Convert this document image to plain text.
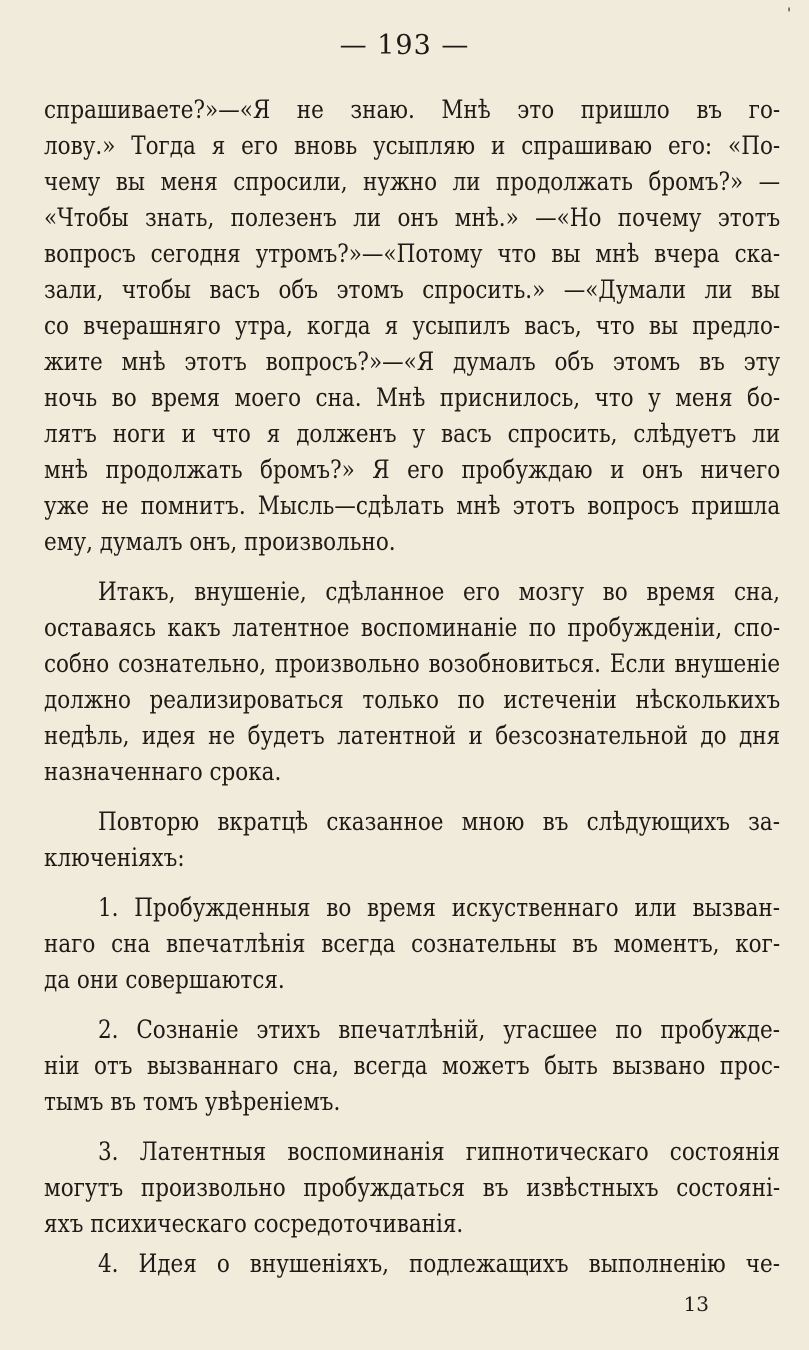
'
— 193 —
спрашиваете?»—«Я не знаю. Мнѣ это пришло въ го-
лову.» Тогда я его вновь усыпляю и спрашиваю его: «По-
чему вы меня спросили, нужно ли продолжать бромъ?» —
«Чтобы знать, полезенъ ли онъ мнѣ.» —«Но почему этотъ
вопросъ сегодня утромъ?»—«Потому что вы мнѣ вчера ска-
зали, чтобы васъ объ этомъ спросить.» —«Думали ли вы
со вчерашняго утра, когда я усыпилъ васъ, что вы предло-
жите мнѣ этотъ вопросъ?»—«Я думалъ объ этомъ въ эту
ночь во время моего сна. Мнѣ приснилось, что у меня бо-
лятъ ноги и что я долженъ у васъ спросить, слѣдуетъ ли
мнѣ продолжать бромъ?» Я его пробуждаю и онъ ничего
уже не помнитъ. Мысль—сдѣлать мнѣ этотъ вопросъ пришла
ему, думалъ онъ, произвольно.
Итакъ, внушеніе, сдѣланное его мозгу во время сна,
оставаясь какъ латентное воспоминаніе по пробужденіи, спо-
собно сознательно, произвольно возобновиться. Если внушеніе
должно реализироваться только по истеченіи нѣсколькихъ
недѣль, идея не будетъ латентной и безсознательной до дня
назначеннаго срока.
Повторю вкратцѣ сказанное мною въ слѣдующихъ за-
ключеніяхъ:
1. Пробужденныя во время искуственнаго или вызван-
наго сна впечатлѣнія всегда сознательны въ моментъ, ког-
да они совершаются.
2. Сознаніе этихъ впечатлѣній, угасшее по пробужде-
ніи отъ вызваннаго сна, всегда можетъ быть вызвано прос-
тымъ въ томъ увѣреніемъ.
3. Латентныя воспоминанія гипнотическаго состоянія
могутъ произвольно пробуждаться въ извѣстныхъ состоянi-
яхъ психическаго сосредоточиванія.
4. Идея о внушеніяхъ, подлежащихъ выполненію че-
13
